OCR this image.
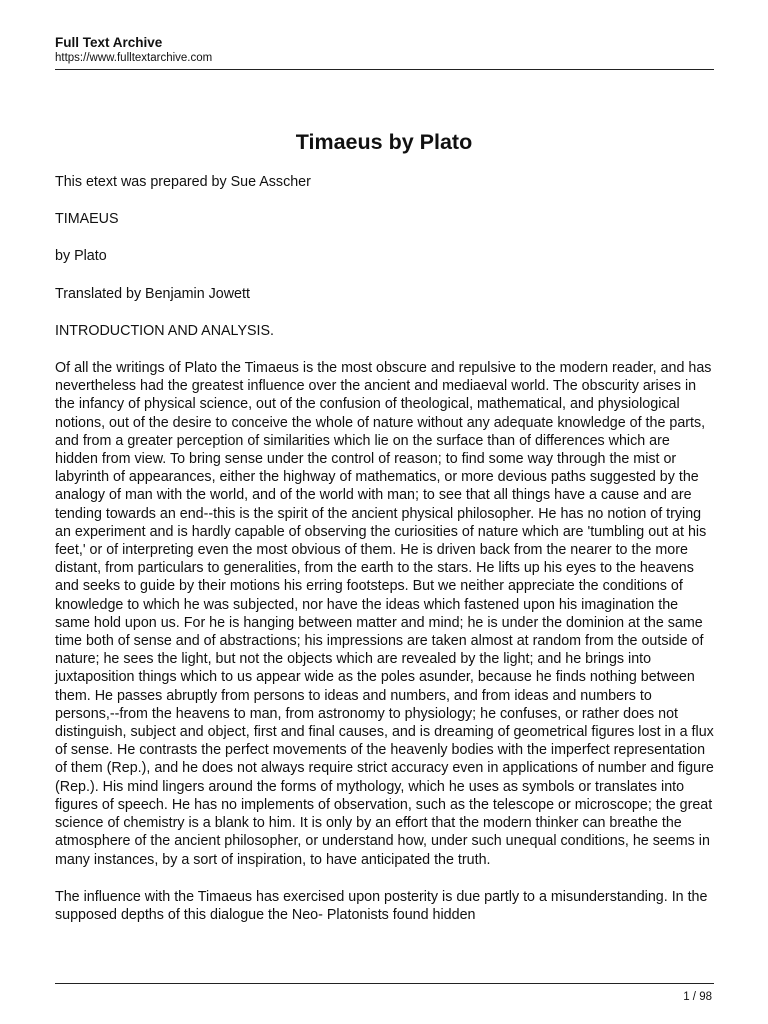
Full Text Archive
https://www.fulltextarchive.com
Timaeus by Plato

This etext was prepared by Sue Asscher

TIMAEUS

by Plato

Translated by Benjamin Jowett

INTRODUCTION AND ANALYSIS.

Of all the writings of Plato the Timaeus is the most obscure and repulsive to the modern reader, and has nevertheless had the greatest influence over the ancient and mediaeval world. The obscurity arises in the infancy of physical science, out of the confusion of theological, mathematical, and physiological notions, out of the desire to conceive the whole of nature without any adequate knowledge of the parts, and from a greater perception of similarities which lie on the surface than of differences which are hidden from view. To bring sense under the control of reason; to find some way through the mist or labyrinth of appearances, either the highway of mathematics, or more devious paths suggested by the analogy of man with the world, and of the world with man; to see that all things have a cause and are tending towards an end--this is the spirit of the ancient physical philosopher. He has no notion of trying an experiment and is hardly capable of observing the curiosities of nature which are 'tumbling out at his feet,' or of interpreting even the most obvious of them. He is driven back from the nearer to the more distant, from particulars to generalities, from the earth to the stars. He lifts up his eyes to the heavens and seeks to guide by their motions his erring footsteps. But we neither appreciate the conditions of knowledge to which he was subjected, nor have the ideas which fastened upon his imagination the same hold upon us. For he is hanging between matter and mind; he is under the dominion at the same time both of sense and of abstractions; his impressions are taken almost at random from the outside of nature; he sees the light, but not the objects which are revealed by the light; and he brings into juxtaposition things which to us appear wide as the poles asunder, because he finds nothing between them. He passes abruptly from persons to ideas and numbers, and from ideas and numbers to persons,--from the heavens to man, from astronomy to physiology; he confuses, or rather does not distinguish, subject and object, first and final causes, and is dreaming of geometrical figures lost in a flux of sense. He contrasts the perfect movements of the heavenly bodies with the imperfect representation of them (Rep.), and he does not always require strict accuracy even in applications of number and figure (Rep.). His mind lingers around the forms of mythology, which he uses as symbols or translates into figures of speech. He has no implements of observation, such as the telescope or microscope; the great science of chemistry is a blank to him. It is only by an effort that the modern thinker can breathe the atmosphere of the ancient philosopher, or understand how, under such unequal conditions, he seems in many instances, by a sort of inspiration, to have anticipated the truth.

The influence with the Timaeus has exercised upon posterity is due partly to a misunderstanding. In the supposed depths of this dialogue the Neo- Platonists found hidden

1 / 98
